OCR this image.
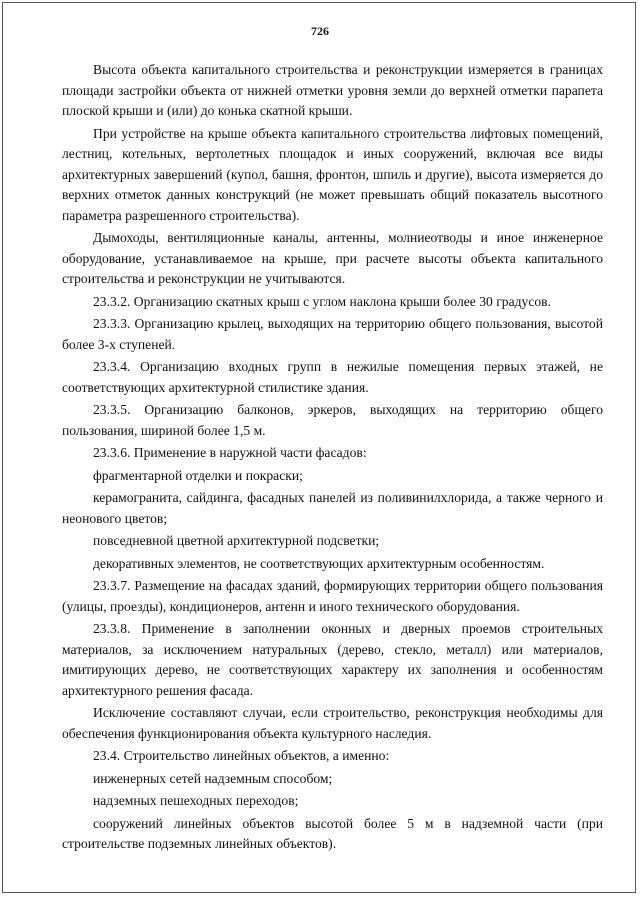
726

Высота объекта капитального строительства и реконструкции измеряется в границах площади застройки объекта от нижней отметки уровня земли до верхней отметки парапета плоской крыши и (или) до конька скатной крыши.

При устройстве на крыше объекта капитального строительства лифтовых помещений, лестниц, котельных, вертолетных площадок и иных сооружений, включая все виды архитектурных завершений (купол, башня, фронтон, шпиль и другие), высота измеряется до верхних отметок данных конструкций (не может превышать общий показатель высотного параметра разрешенного строительства).

Дымоходы, вентиляционные каналы, антенны, молниеотводы и иное инженерное оборудование, устанавливаемое на крыше, при расчете высоты объекта капитального строительства и реконструкции не учитываются.

23.3.2. Организацию скатных крыш с углом наклона крыши более 30 градусов.

23.3.3. Организацию крылец, выходящих на территорию общего пользования, высотой более 3-х ступеней.

23.3.4. Организацию входных групп в нежилые помещения первых этажей, не соответствующих архитектурной стилистике здания.

23.3.5. Организацию балконов, эркеров, выходящих на территорию общего пользования, шириной более 1,5 м.

23.3.6. Применение в наружной части фасадов:

фрагментарной отделки и покраски;

керамогранита, сайдинга, фасадных панелей из поливинилхлорида, а также черного и неонового цветов;

повседневной цветной архитектурной подсветки;

декоративных элементов, не соответствующих архитектурным особенностям.

23.3.7. Размещение на фасадах зданий, формирующих территории общего пользования (улицы, проезды), кондиционеров, антенн и иного технического оборудования.

23.3.8. Применение в заполнении оконных и дверных проемов строительных материалов, за исключением натуральных (дерево, стекло, металл) или материалов, имитирующих дерево, не соответствующих характеру их заполнения и особенностям архитектурного решения фасада.

Исключение составляют случаи, если строительство, реконструкция необходимы для обеспечения функционирования объекта культурного наследия.

23.4. Строительство линейных объектов, а именно:

инженерных сетей надземным способом;

надземных пешеходных переходов;

сооружений линейных объектов высотой более 5 м в надземной части (при строительстве подземных линейных объектов).
